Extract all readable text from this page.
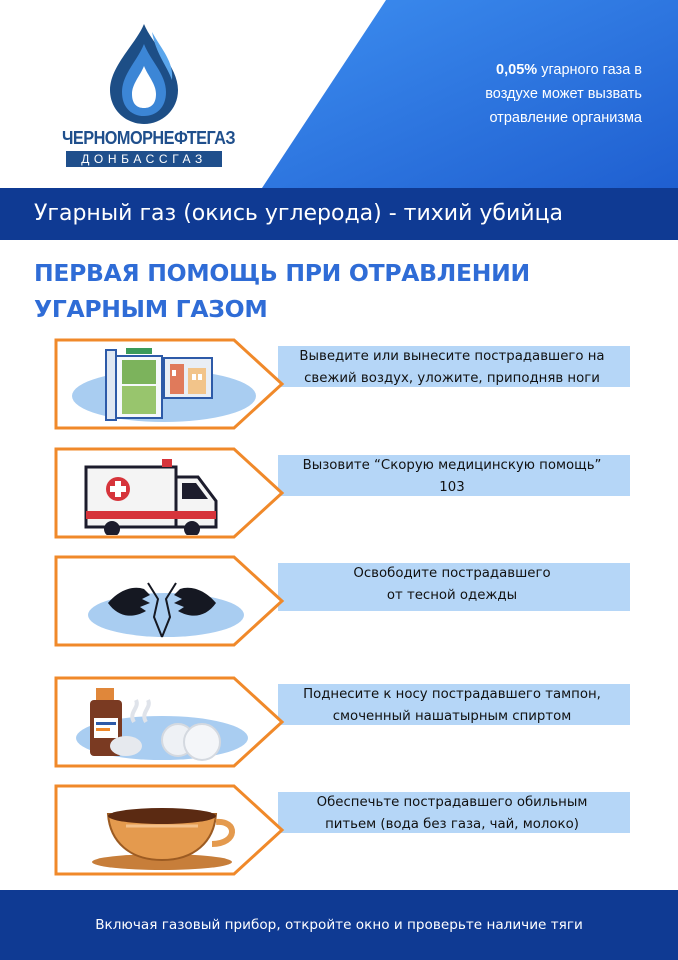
ЧЕРНОМОРНЕФТЕГАЗ
ДОНБАССГАЗ
0,05% угарного газа в
воздухе может вызвать
отравление организма
Угарный газ (окись углерода) - тихий убийца
ПЕРВАЯ ПОМОЩЬ ПРИ ОТРАВЛЕНИИ
УГАРНЫМ ГАЗОМ
Выведите или вынесите пострадавшего на
свежий воздух, уложите, приподняв ноги
Вызовите “Скорую медицинскую помощь”
103
Освободите пострадавшего
от тесной одежды
Поднесите к носу пострадавшего тампон,
смоченный нашатырным спиртом
Обеспечьте пострадавшего обильным
питьем (вода без газа, чай, молоко)
Включая газовый прибор, откройте окно и проверьте наличие тяги
